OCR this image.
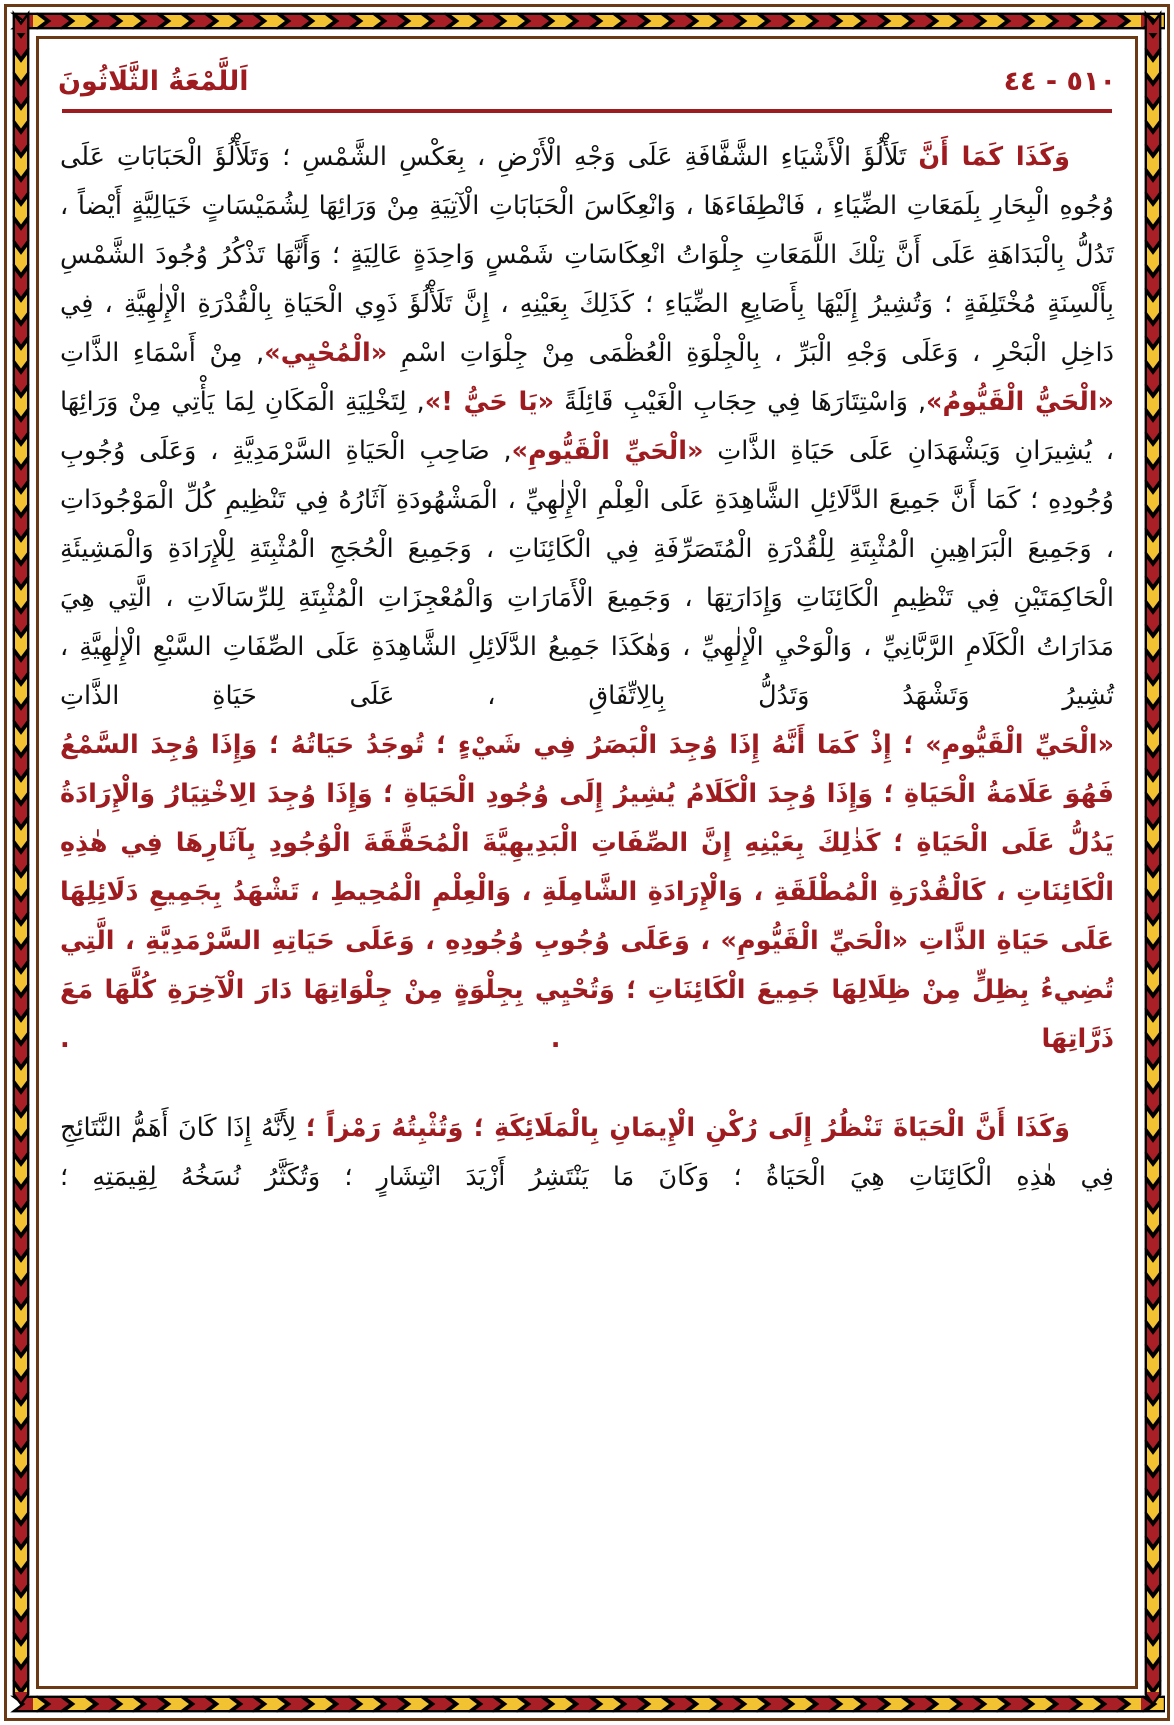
اَللَّمْعَةُ الثَّلَاثُونَ	٥١٠ - ٤٤

وَكَذَا كَمَا أَنَّ تَلَأْلُؤَ الْأَشْيَاءِ الشَّفَّافَةِ عَلَى وَجْهِ الْأَرْضِ ، بِعَكْسِ الشَّمْسِ ؛ وَتَلَأْلُؤَ الْحَبَابَاتِ عَلَى وُجُوهِ الْبِحَارِ بِلَمَعَاتِ الضِّيَاءِ ، فَانْطِفَاءَهَا ، وَانْعِكَاسَ الْحَبَابَاتِ الْآتِيَةِ مِنْ وَرَائِهَا لِشُمَيْسَاتٍ خَيَالِيَّةٍ أَيْضاً ، تَدُلُّ بِالْبَدَاهَةِ عَلَى أَنَّ تِلْكَ اللَّمَعَاتِ جِلْوَاتُ انْعِكَاسَاتِ شَمْسٍ وَاحِدَةٍ عَالِيَةٍ ؛ وَأَنَّهَا تَذْكُرُ وُجُودَ الشَّمْسِ بِأَلْسِنَةٍ مُخْتَلِفَةٍ ؛ وَتُشِيرُ إِلَيْهَا بِأَصَابِعِ الضِّيَاءِ ؛ كَذَلِكَ بِعَيْنِهِ ، إِنَّ تَلَأْلُؤَ ذَوِي الْحَيَاةِ بِالْقُدْرَةِ الْإِلٰهِيَّةِ ، فِي دَاخِلِ الْبَحْرِ ، وَعَلَى وَجْهِ الْبَرِّ ، بِالْجِلْوَةِ الْعُظْمَى مِنْ جِلْوَاتِ اسْمِ «الْمُحْيِي», مِنْ أَسْمَاءِ الذَّاتِ «الْحَيُّ الْقَيُّومُ», وَاسْتِتَارَهَا فِي حِجَابِ الْغَيْبِ قَائِلَةً «يَا حَيُّ !», لِتَخْلِيَةِ الْمَكَانِ لِمَا يَأْتِي مِنْ وَرَائِهَا ، يُشِيرَانِ وَيَشْهَدَانِ عَلَى حَيَاةِ الذَّاتِ «الْحَيِّ الْقَيُّومِ», صَاحِبِ الْحَيَاةِ السَّرْمَدِيَّةِ ، وَعَلَى وُجُوبِ وُجُودِهِ ؛ كَمَا أَنَّ جَمِيعَ الدَّلَائِلِ الشَّاهِدَةِ عَلَى الْعِلْمِ الْإِلٰهِيِّ ، الْمَشْهُودَةِ آثَارُهُ فِي تَنْظِيمِ كُلِّ الْمَوْجُودَاتِ ، وَجَمِيعَ الْبَرَاهِينِ الْمُثْبِتَةِ لِلْقُدْرَةِ الْمُتَصَرِّفَةِ فِي الْكَائِنَاتِ ، وَجَمِيعَ الْحُجَجِ الْمُثْبِتَةِ لِلْإِرَادَةِ وَالْمَشِيئَةِ الْحَاكِمَتَيْنِ فِي تَنْظِيمِ الْكَائِنَاتِ وَإِدَارَتِهَا ، وَجَمِيعَ الْأَمَارَاتِ وَالْمُعْجِزَاتِ الْمُثْبِتَةِ لِلرِّسَالَاتِ ، الَّتِي هِيَ مَدَارَاتُ الْكَلَامِ الرَّبَّانِيِّ ، وَالْوَحْيِ الْإِلٰهِيِّ ، وَهٰكَذَا جَمِيعُ الدَّلَائِلِ الشَّاهِدَةِ عَلَى الصِّفَاتِ السَّبْعِ الْإِلٰهِيَّةِ ، تُشِيرُ وَتَشْهَدُ وَتَدُلُّ بِالِاتِّفَاقِ ، عَلَى حَيَاةِ الذَّاتِ

«الْحَيِّ الْقَيُّومِ» ؛ إِذْ كَمَا أَنَّهُ إِذَا وُجِدَ الْبَصَرُ فِي شَيْءٍ ؛ تُوجَدُ حَيَاتُهُ ؛ وَإِذَا وُجِدَ السَّمْعُ فَهُوَ عَلَامَةُ الْحَيَاةِ ؛ وَإِذَا وُجِدَ الْكَلَامُ يُشِيرُ إِلَى وُجُودِ الْحَيَاةِ ؛ وَإِذَا وُجِدَ الِاخْتِيَارُ وَالْإِرَادَةُ يَدُلُّ عَلَى الْحَيَاةِ ؛ كَذٰلِكَ بِعَيْنِهِ إِنَّ الصِّفَاتِ الْبَدِيهِيَّةَ الْمُحَقَّقَةَ الْوُجُودِ بِآثَارِهَا فِي هٰذِهِ الْكَائِنَاتِ ، كَالْقُدْرَةِ الْمُطْلَقَةِ ، وَالْإِرَادَةِ الشَّامِلَةِ ، وَالْعِلْمِ الْمُحِيطِ ، تَشْهَدُ بِجَمِيعِ دَلَائِلِهَا عَلَى حَيَاةِ الذَّاتِ «الْحَيِّ الْقَيُّومِ» ، وَعَلَى وُجُوبِ وُجُودِهِ ، وَعَلَى حَيَاتِهِ السَّرْمَدِيَّةِ ، الَّتِي تُضِيءُ بِظِلٍّ مِنْ ظِلَالِهَا جَمِيعَ الْكَائِنَاتِ ؛ وَتُحْيِي بِجِلْوَةٍ مِنْ جِلْوَاتِهَا دَارَ الْآخِرَةِ كُلَّهَا مَعَ ذَرَّاتِهَا . .

وَكَذَا أَنَّ الْحَيَاةَ تَنْظُرُ إِلَى رُكْنِ الْإِيمَانِ بِالْمَلَائِكَةِ ؛ وَتُثْبِتُهُ رَمْزاً ؛ لِأَنَّهُ إِذَا كَانَ أَهَمُّ النَّتَائِجِ فِي هٰذِهِ الْكَائِنَاتِ هِيَ الْحَيَاةُ ؛ وَكَانَ مَا يَنْتَشِرُ أَزْيَدَ انْتِشَارٍ ؛ وَتُكَثَّرُ نُسَخُهُ لِقِيمَتِهِ ؛
